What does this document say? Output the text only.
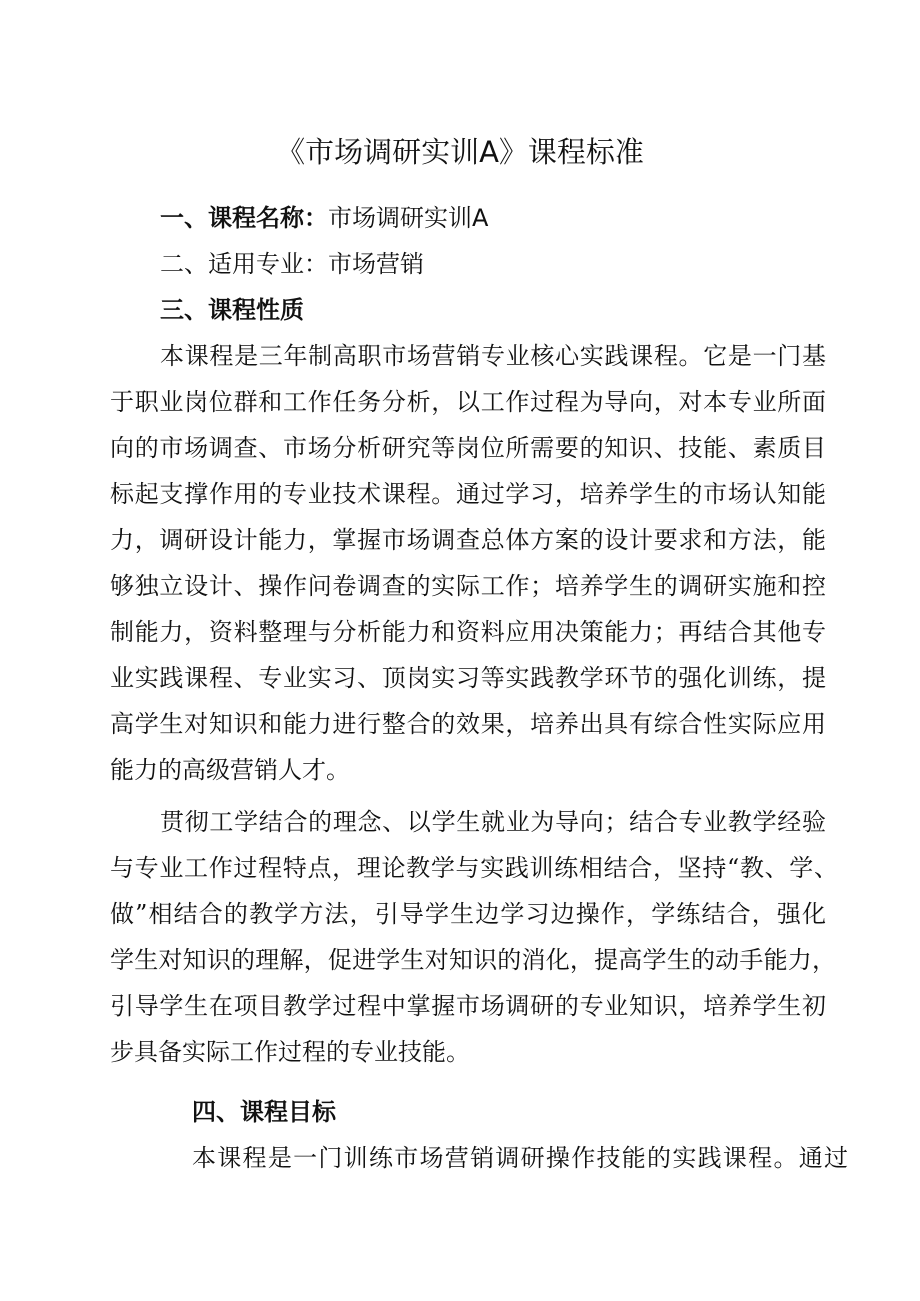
《市场调研实训A》课程标准
一、课程名称：市场调研实训A
二、适用专业：市场营销
三、课程性质
本课程是三年制高职市场营销专业核心实践课程。它是一门基
于职业岗位群和工作任务分析，以工作过程为导向，对本专业所面
向的市场调查、市场分析研究等岗位所需要的知识、技能、素质目
标起支撑作用的专业技术课程。通过学习，培养学生的市场认知能
力，调研设计能力，掌握市场调查总体方案的设计要求和方法，能
够独立设计、操作问卷调查的实际工作；培养学生的调研实施和控
制能力，资料整理与分析能力和资料应用决策能力；再结合其他专
业实践课程、专业实习、顶岗实习等实践教学环节的强化训练，提
高学生对知识和能力进行整合的效果，培养出具有综合性实际应用
能力的高级营销人才。
贯彻工学结合的理念、以学生就业为导向；结合专业教学经验
与专业工作过程特点，理论教学与实践训练相结合，坚持“教、学、
做”相结合的教学方法，引导学生边学习边操作，学练结合，强化
学生对知识的理解，促进学生对知识的消化，提高学生的动手能力，
引导学生在项目教学过程中掌握市场调研的专业知识，培养学生初
步具备实际工作过程的专业技能。
四、课程目标
本课程是一门训练市场营销调研操作技能的实践课程。通过
